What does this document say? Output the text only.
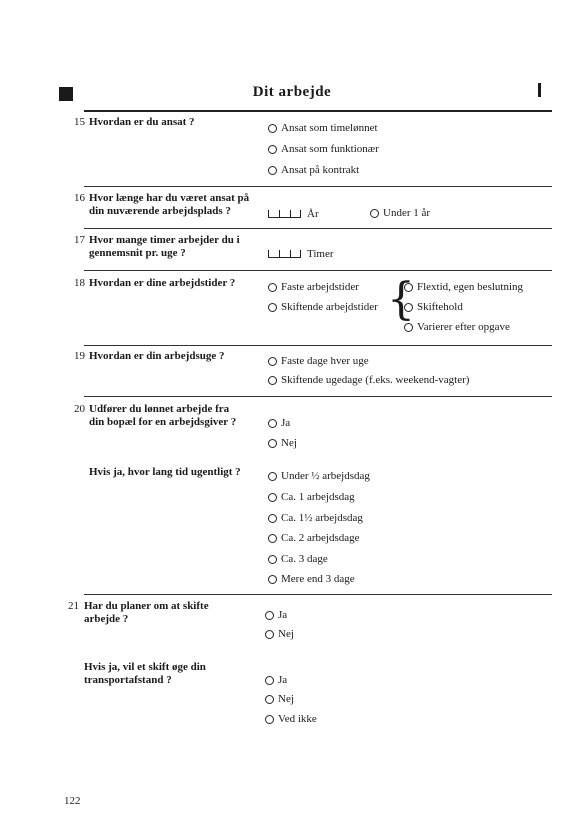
Dit arbejde
15 Hvordan er du ansat ?	Ansat som timelønnet
Ansat som funktionær
Ansat på kontrakt
16 Hvor længe har du været ansat på
din nuværende arbejdsplads ?	År	Under 1 år
17 Hvor mange timer arbejder du i
gennemsnit pr. uge ?	Timer
18 Hvordan er dine arbejdstider ?	Faste arbejdstider
Skiftende arbejdstider { Flextid, egen beslutning
Skiftehold
Varierer efter opgave
19 Hvordan er din arbejdsuge ?	Faste dage hver uge
Skiftende ugedage (f.eks. weekend-vagter)
20 Udfører du lønnet arbejde fra
din bopæl for en arbejdsgiver ?	Ja
Nej
Hvis ja, hvor lang tid ugentligt ?	Under ½ arbejdsdag
Ca. 1 arbejdsdag
Ca. 1½ arbejdsdag
Ca. 2 arbejdsdage
Ca. 3 dage
Mere end 3 dage
21 Har du planer om at skifte
arbejde ?	Ja
Nej
Hvis ja, vil et skift øge din
transportafstand ?	Ja
Nej
Ved ikke
122
